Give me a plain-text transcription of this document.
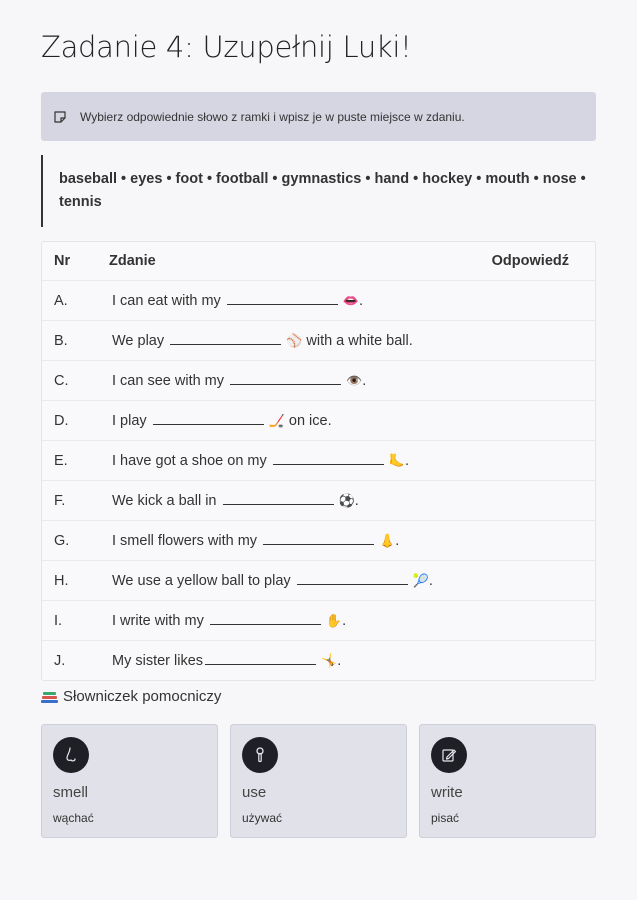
Zadanie 4: Uzupełnij Luki!
Wybierz odpowiednie słowo z ramki i wpisz je w puste miejsce w zdaniu.
baseball • eyes • foot • football • gymnastics • hand • hockey • mouth • nose • tennis
Nr	Zdanie	Odpowiedź
A.	I can eat with my	👄.
B.	We play	⚾ with a white ball.
C.	I can see with my	👁️.
D.	I play	🏒 on ice.
E.	I have got a shoe on my	🦶.
F.	We kick a ball in	⚽.
G.	I smell flowers with my	👃.
H.	We use a yellow ball to play	🎾.
I.	I write with my	✋.
J.	My sister likes	🤸.
Słowniczek pomocniczy
smell
wąchać
use
używać
write
pisać
